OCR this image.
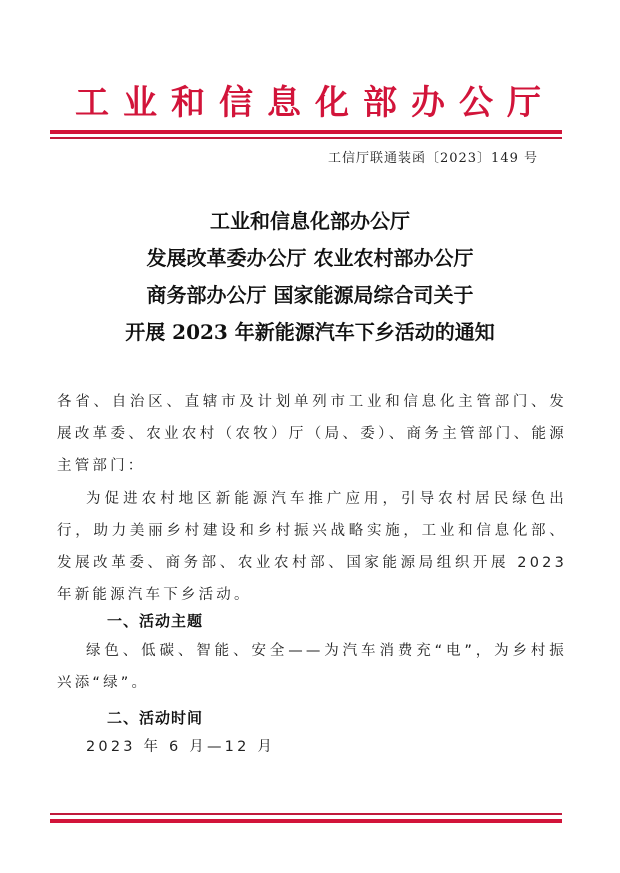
工业和信息化部办公厅
工信厅联通装函〔2023〕149 号
工业和信息化部办公厅
发展改革委办公厅 农业农村部办公厅
商务部办公厅 国家能源局综合司关于
开展 2023 年新能源汽车下乡活动的通知

各省、自治区、直辖市及计划单列市工业和信息化主管部门、发展改革委、农业农村（农牧）厅（局、委）、商务主管部门、能源主管部门：

为促进农村地区新能源汽车推广应用，引导农村居民绿色出行，助力美丽乡村建设和乡村振兴战略实施，工业和信息化部、发展改革委、商务部、农业农村部、国家能源局组织开展 2023 年新能源汽车下乡活动。

一、活动主题

绿色、低碳、智能、安全——为汽车消费充“电”，为乡村振兴添“绿”。

二、活动时间

2023 年 6 月—12 月
